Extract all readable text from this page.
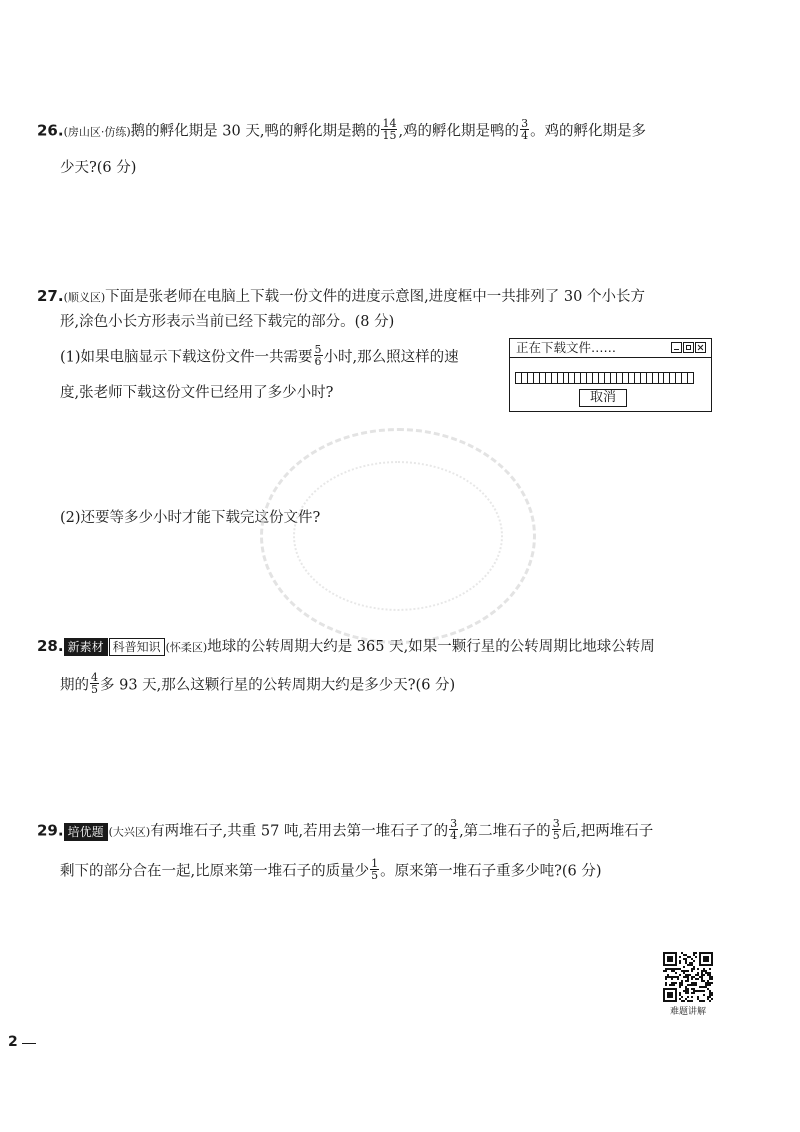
26.(房山区·仿练)鹅的孵化期是 30 天,鸭的孵化期是鹅的 $\frac{14}{15}$ ,鸡的孵化期是鸭的 $\frac{3}{4}$ 。鸡的孵化期是多
少天?(6 分)
27.(顺义区)下面是张老师在电脑上下载一份文件的进度示意图,进度框中一共排列了 30 个小长方
形,涂色小长方形表示当前已经下载完的部分。(8 分)
(1)如果电脑显示下载这份文件一共需要 $\frac{5}{6}$ 小时,那么照这样的速
度,张老师下载这份文件已经用了多少小时?
(2)还要等多少小时才能下载完这份文件?
正在下载文件……
取消
28. 新素材 科普知识 (怀柔区)地球的公转周期大约是 365 天,如果一颗行星的公转周期比地球公转周
期的 $\frac{4}{5}$ 多 93 天,那么这颗行星的公转周期大约是多少天?(6 分)
29. 培优题 (大兴区)有两堆石子,共重 57 吨,若用去第一堆石子了的 $\frac{3}{4}$ ,第二堆石子的 $\frac{3}{5}$ 后,把两堆石子
剩下的部分合在一起,比原来第一堆石子的质量少 $\frac{1}{5}$ 。原来第一堆石子重多少吨?(6 分)
难题讲解
2
